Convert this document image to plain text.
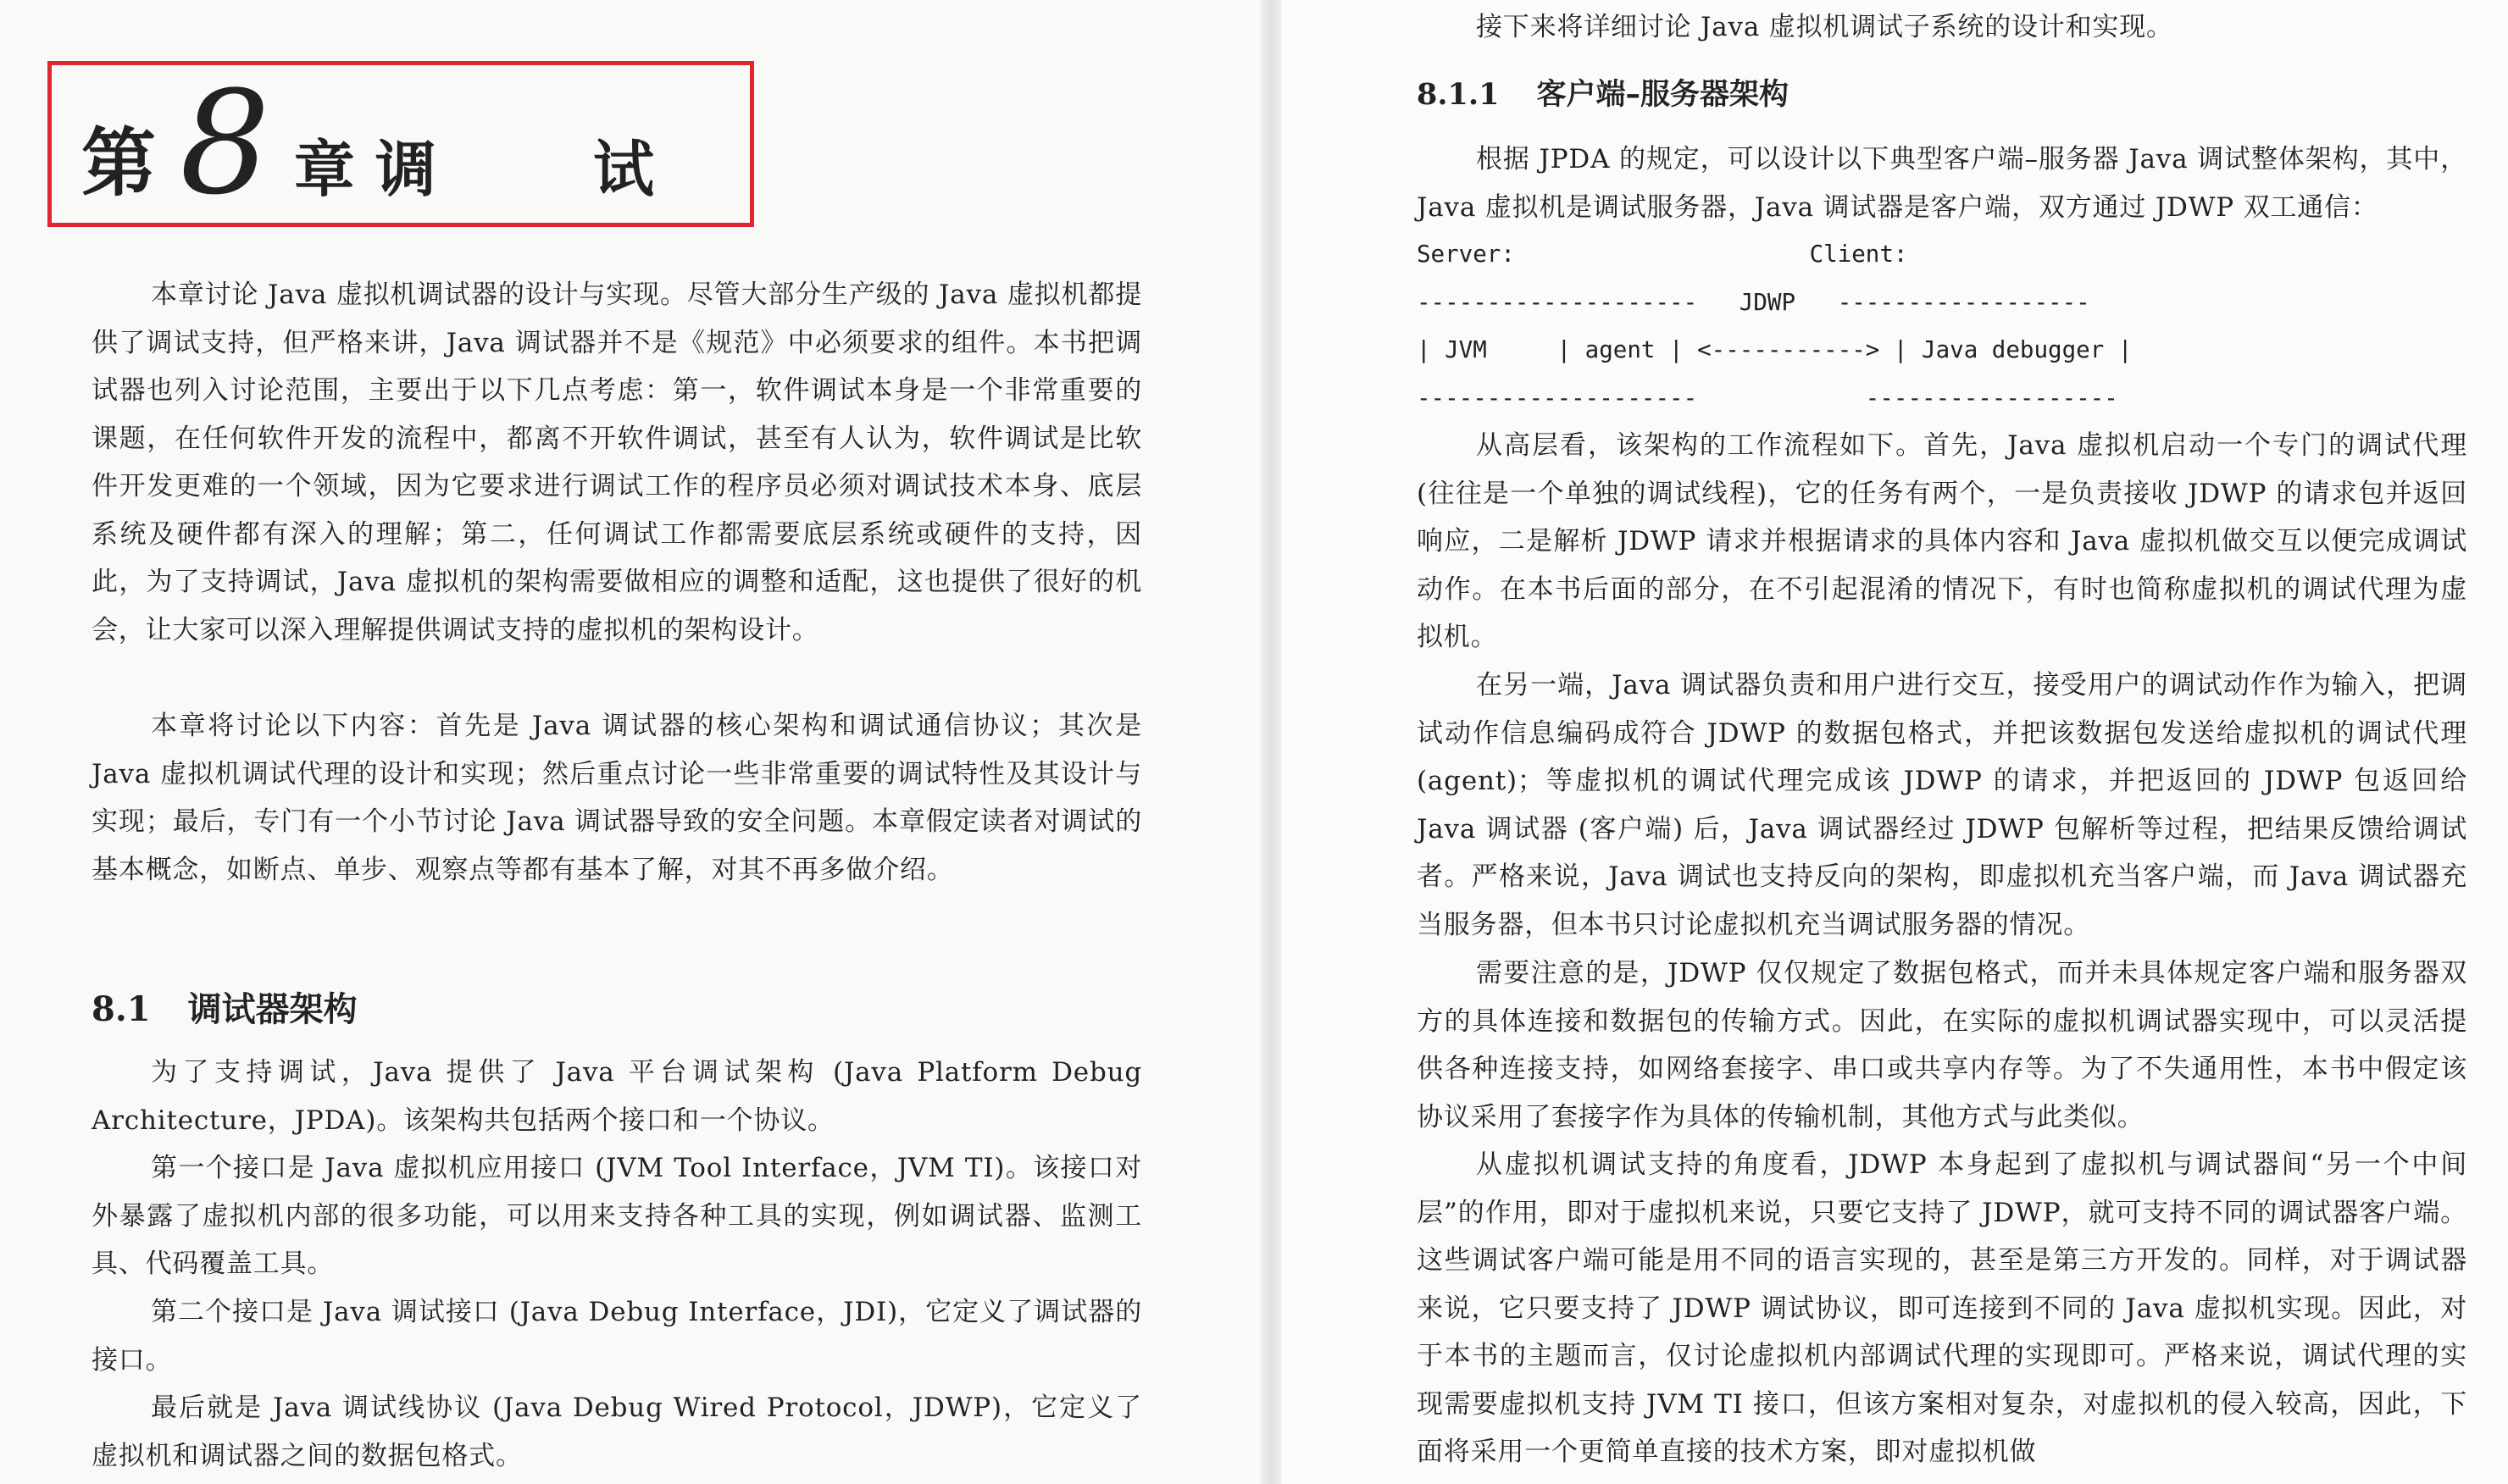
第 8 章 调 试

本章讨论 Java 虚拟机调试器的设计与实现。尽管大部分生产级的 Java 虚拟机都提供了调试支持，但严格来讲，Java 调试器并不是《规范》中必须要求的组件。本书把调试器也列入讨论范围，主要出于以下几点考虑：第一，软件调试本身是一个非常重要的课题，在任何软件开发的流程中，都离不开软件调试，甚至有人认为，软件调试是比软件开发更难的一个领域，因为它要求进行调试工作的程序员必须对调试技术本身、底层系统及硬件都有深入的理解；第二，任何调试工作都需要底层系统或硬件的支持，因此，为了支持调试，Java 虚拟机的架构需要做相应的调整和适配，这也提供了很好的机会，让大家可以深入理解提供调试支持的虚拟机的架构设计。

本章将讨论以下内容：首先是 Java 调试器的核心架构和调试通信协议；其次是 Java 虚拟机调试代理的设计和实现；然后重点讨论一些非常重要的调试特性及其设计与实现；最后，专门有一个小节讨论 Java 调试器导致的安全问题。本章假定读者对调试的基本概念，如断点、单步、观察点等都有基本了解，对其不再多做介绍。

8.1 调试器架构

为了支持调试，Java 提供了 Java 平台调试架构 (Java Platform Debug Architecture，JPDA)。该架构共包括两个接口和一个协议。

第一个接口是 Java 虚拟机应用接口 (JVM Tool Interface，JVM TI)。该接口对外暴露了虚拟机内部的很多功能，可以用来支持各种工具的实现，例如调试器、监测工具、代码覆盖工具。

第二个接口是 Java 调试接口 (Java Debug Interface，JDI)，它定义了调试器的接口。

最后就是 Java 调试线协议 (Java Debug Wired Protocol，JDWP)，它定义了虚拟机和调试器之间的数据包格式。

接下来将详细讨论 Java 虚拟机调试子系统的设计和实现。

8.1.1 客户端–服务器架构

根据 JPDA 的规定，可以设计以下典型客户端–服务器 Java 调试整体架构，其中，Java 虚拟机是调试服务器，Java 调试器是客户端，双方通过 JDWP 双工通信：

Server:                     Client:
--------------------   JDWP   ------------------
| JVM     | agent | <-----------> | Java debugger |
--------------------            ------------------

从高层看，该架构的工作流程如下。首先，Java 虚拟机启动一个专门的调试代理 (往往是一个单独的调试线程)，它的任务有两个，一是负责接收 JDWP 的请求包并返回响应，二是解析 JDWP 请求并根据请求的具体内容和 Java 虚拟机做交互以便完成调试动作。在本书后面的部分，在不引起混淆的情况下，有时也简称虚拟机的调试代理为虚拟机。

在另一端，Java 调试器负责和用户进行交互，接受用户的调试动作作为输入，把调试动作信息编码成符合 JDWP 的数据包格式，并把该数据包发送给虚拟机的调试代理 (agent)；等虚拟机的调试代理完成该 JDWP 的请求，并把返回的 JDWP 包返回给 Java 调试器 (客户端) 后，Java 调试器经过 JDWP 包解析等过程，把结果反馈给调试者。严格来说，Java 调试也支持反向的架构，即虚拟机充当客户端，而 Java 调试器充当服务器，但本书只讨论虚拟机充当调试服务器的情况。

需要注意的是，JDWP 仅仅规定了数据包格式，而并未具体规定客户端和服务器双方的具体连接和数据包的传输方式。因此，在实际的虚拟机调试器实现中，可以灵活提供各种连接支持，如网络套接字、串口或共享内存等。为了不失通用性，本书中假定该协议采用了套接字作为具体的传输机制，其他方式与此类似。

从虚拟机调试支持的角度看，JDWP 本身起到了虚拟机与调试器间“另一个中间层”的作用，即对于虚拟机来说，只要它支持了 JDWP，就可支持不同的调试器客户端。这些调试客户端可能是用不同的语言实现的，甚至是第三方开发的。同样，对于调试器来说，它只要支持了 JDWP 调试协议，即可连接到不同的 Java 虚拟机实现。因此，对于本书的主题而言，仅讨论虚拟机内部调试代理的实现即可。严格来说，调试代理的实现需要虚拟机支持 JVM TI 接口，但该方案相对复杂，对虚拟机的侵入较高，因此，下面将采用一个更简单直接的技术方案，即对虚拟机做
